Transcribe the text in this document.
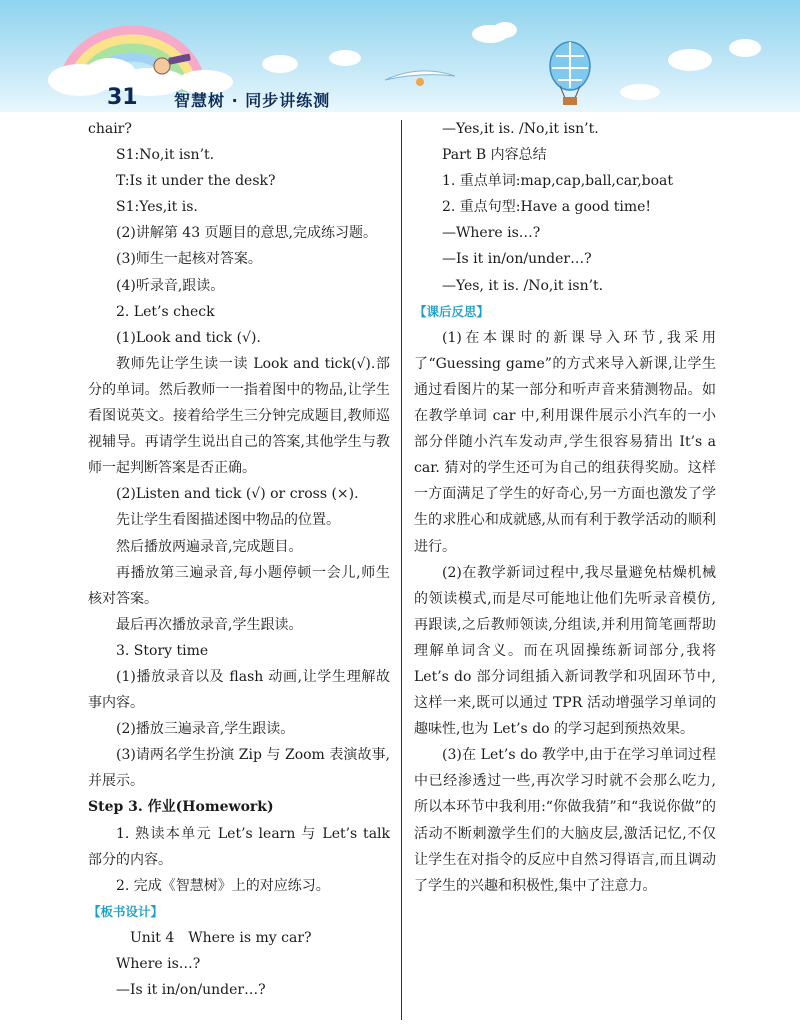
31 智慧树 · 同步讲练测

chair?

S1:No,it isn’t.

T:Is it under the desk?

S1:Yes,it is.

(2)讲解第 43 页题目的意思,完成练习题。

(3)师生一起核对答案。

(4)听录音,跟读。

2. Let’s check

(1)Look and tick (√).

教师先让学生读一读 Look and tick(√).部分的单词。然后教师一一指着图中的物品,让学生看图说英文。接着给学生三分钟完成题目,教师巡视辅导。再请学生说出自己的答案,其他学生与教师一起判断答案是否正确。

(2)Listen and tick (√) or cross (×).

先让学生看图描述图中物品的位置。

然后播放两遍录音,完成题目。

再播放第三遍录音,每小题停顿一会儿,师生核对答案。

最后再次播放录音,学生跟读。

3. Story time

(1)播放录音以及 flash 动画,让学生理解故事内容。

(2)播放三遍录音,学生跟读。

(3)请两名学生扮演 Zip 与 Zoom 表演故事,并展示。

Step 3. 作业(Homework)

1. 熟读本单元 Let’s learn 与 Let’s talk 部分的内容。

2. 完成《智慧树》上的对应练习。

【板书设计】

Unit 4　Where is my car?

Where is…?

—Is it in/on/under…?

—Yes,it is. /No,it isn’t.

Part B 内容总结

1. 重点单词:map,cap,ball,car,boat

2. 重点句型:Have a good time!

—Where is…?

—Is it in/on/under…?

—Yes, it is. /No,it isn’t.

【课后反思】

(1)在本课时的新课导入环节,我采用了“Guessing game”的方式来导入新课,让学生通过看图片的某一部分和听声音来猜测物品。如在教学单词 car 中,利用课件展示小汽车的一小部分伴随小汽车发动声,学生很容易猜出 It’s a car. 猜对的学生还可为自己的组获得奖励。这样一方面满足了学生的好奇心,另一方面也激发了学生的求胜心和成就感,从而有利于教学活动的顺利进行。

(2)在教学新词过程中,我尽量避免枯燥机械的领读模式,而是尽可能地让他们先听录音模仿,再跟读,之后教师领读,分组读,并利用简笔画帮助理解单词含义。而在巩固操练新词部分,我将 Let’s do 部分词组插入新词教学和巩固环节中,这样一来,既可以通过 TPR 活动增强学习单词的趣味性,也为 Let’s do 的学习起到预热效果。

(3)在 Let’s do 教学中,由于在学习单词过程中已经渗透过一些,再次学习时就不会那么吃力,所以本环节中我利用:“你做我猜”和“我说你做”的活动不断刺激学生们的大脑皮层,激活记忆,不仅让学生在对指令的反应中自然习得语言,而且调动了学生的兴趣和积极性,集中了注意力。
